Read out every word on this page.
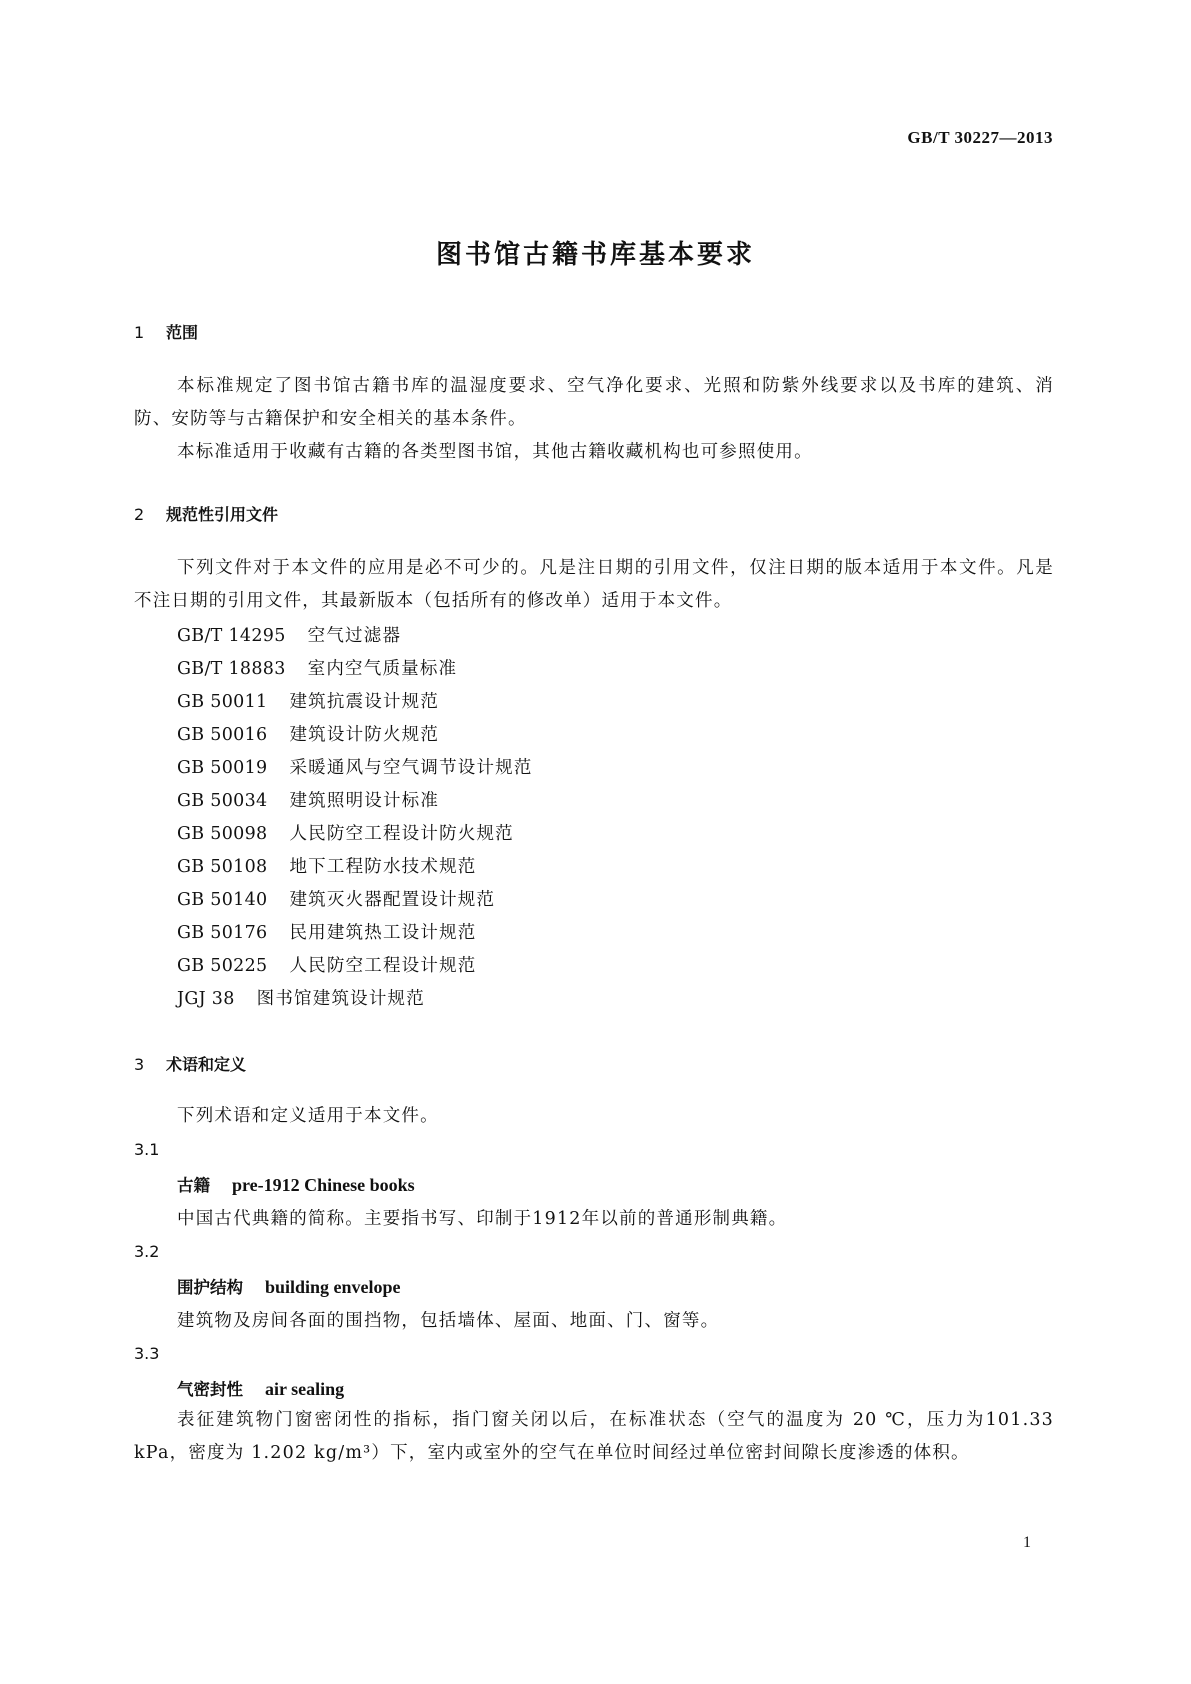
GB/T 30227—2013
图书馆古籍书库基本要求
1 范围
本标准规定了图书馆古籍书库的温湿度要求、空气净化要求、光照和防紫外线要求以及书库的建筑、消防、安防等与古籍保护和安全相关的基本条件。
本标准适用于收藏有古籍的各类型图书馆，其他古籍收藏机构也可参照使用。
2 规范性引用文件
下列文件对于本文件的应用是必不可少的。凡是注日期的引用文件，仅注日期的版本适用于本文件。凡是不注日期的引用文件，其最新版本（包括所有的修改单）适用于本文件。
GB/T 14295 空气过滤器
GB/T 18883 室内空气质量标准
GB 50011 建筑抗震设计规范
GB 50016 建筑设计防火规范
GB 50019 采暖通风与空气调节设计规范
GB 50034 建筑照明设计标准
GB 50098 人民防空工程设计防火规范
GB 50108 地下工程防水技术规范
GB 50140 建筑灭火器配置设计规范
GB 50176 民用建筑热工设计规范
GB 50225 人民防空工程设计规范
JGJ 38 图书馆建筑设计规范
3 术语和定义
下列术语和定义适用于本文件。
3.1
古籍 pre-1912 Chinese books
中国古代典籍的简称。主要指书写、印制于1912年以前的普通形制典籍。
3.2
围护结构 building envelope
建筑物及房间各面的围挡物，包括墙体、屋面、地面、门、窗等。
3.3
气密封性 air sealing
表征建筑物门窗密闭性的指标，指门窗关闭以后，在标准状态（空气的温度为 20 ℃，压力为101.33 kPa，密度为 1.202 kg/m³）下，室内或室外的空气在单位时间经过单位密封间隙长度渗透的体积。
1
